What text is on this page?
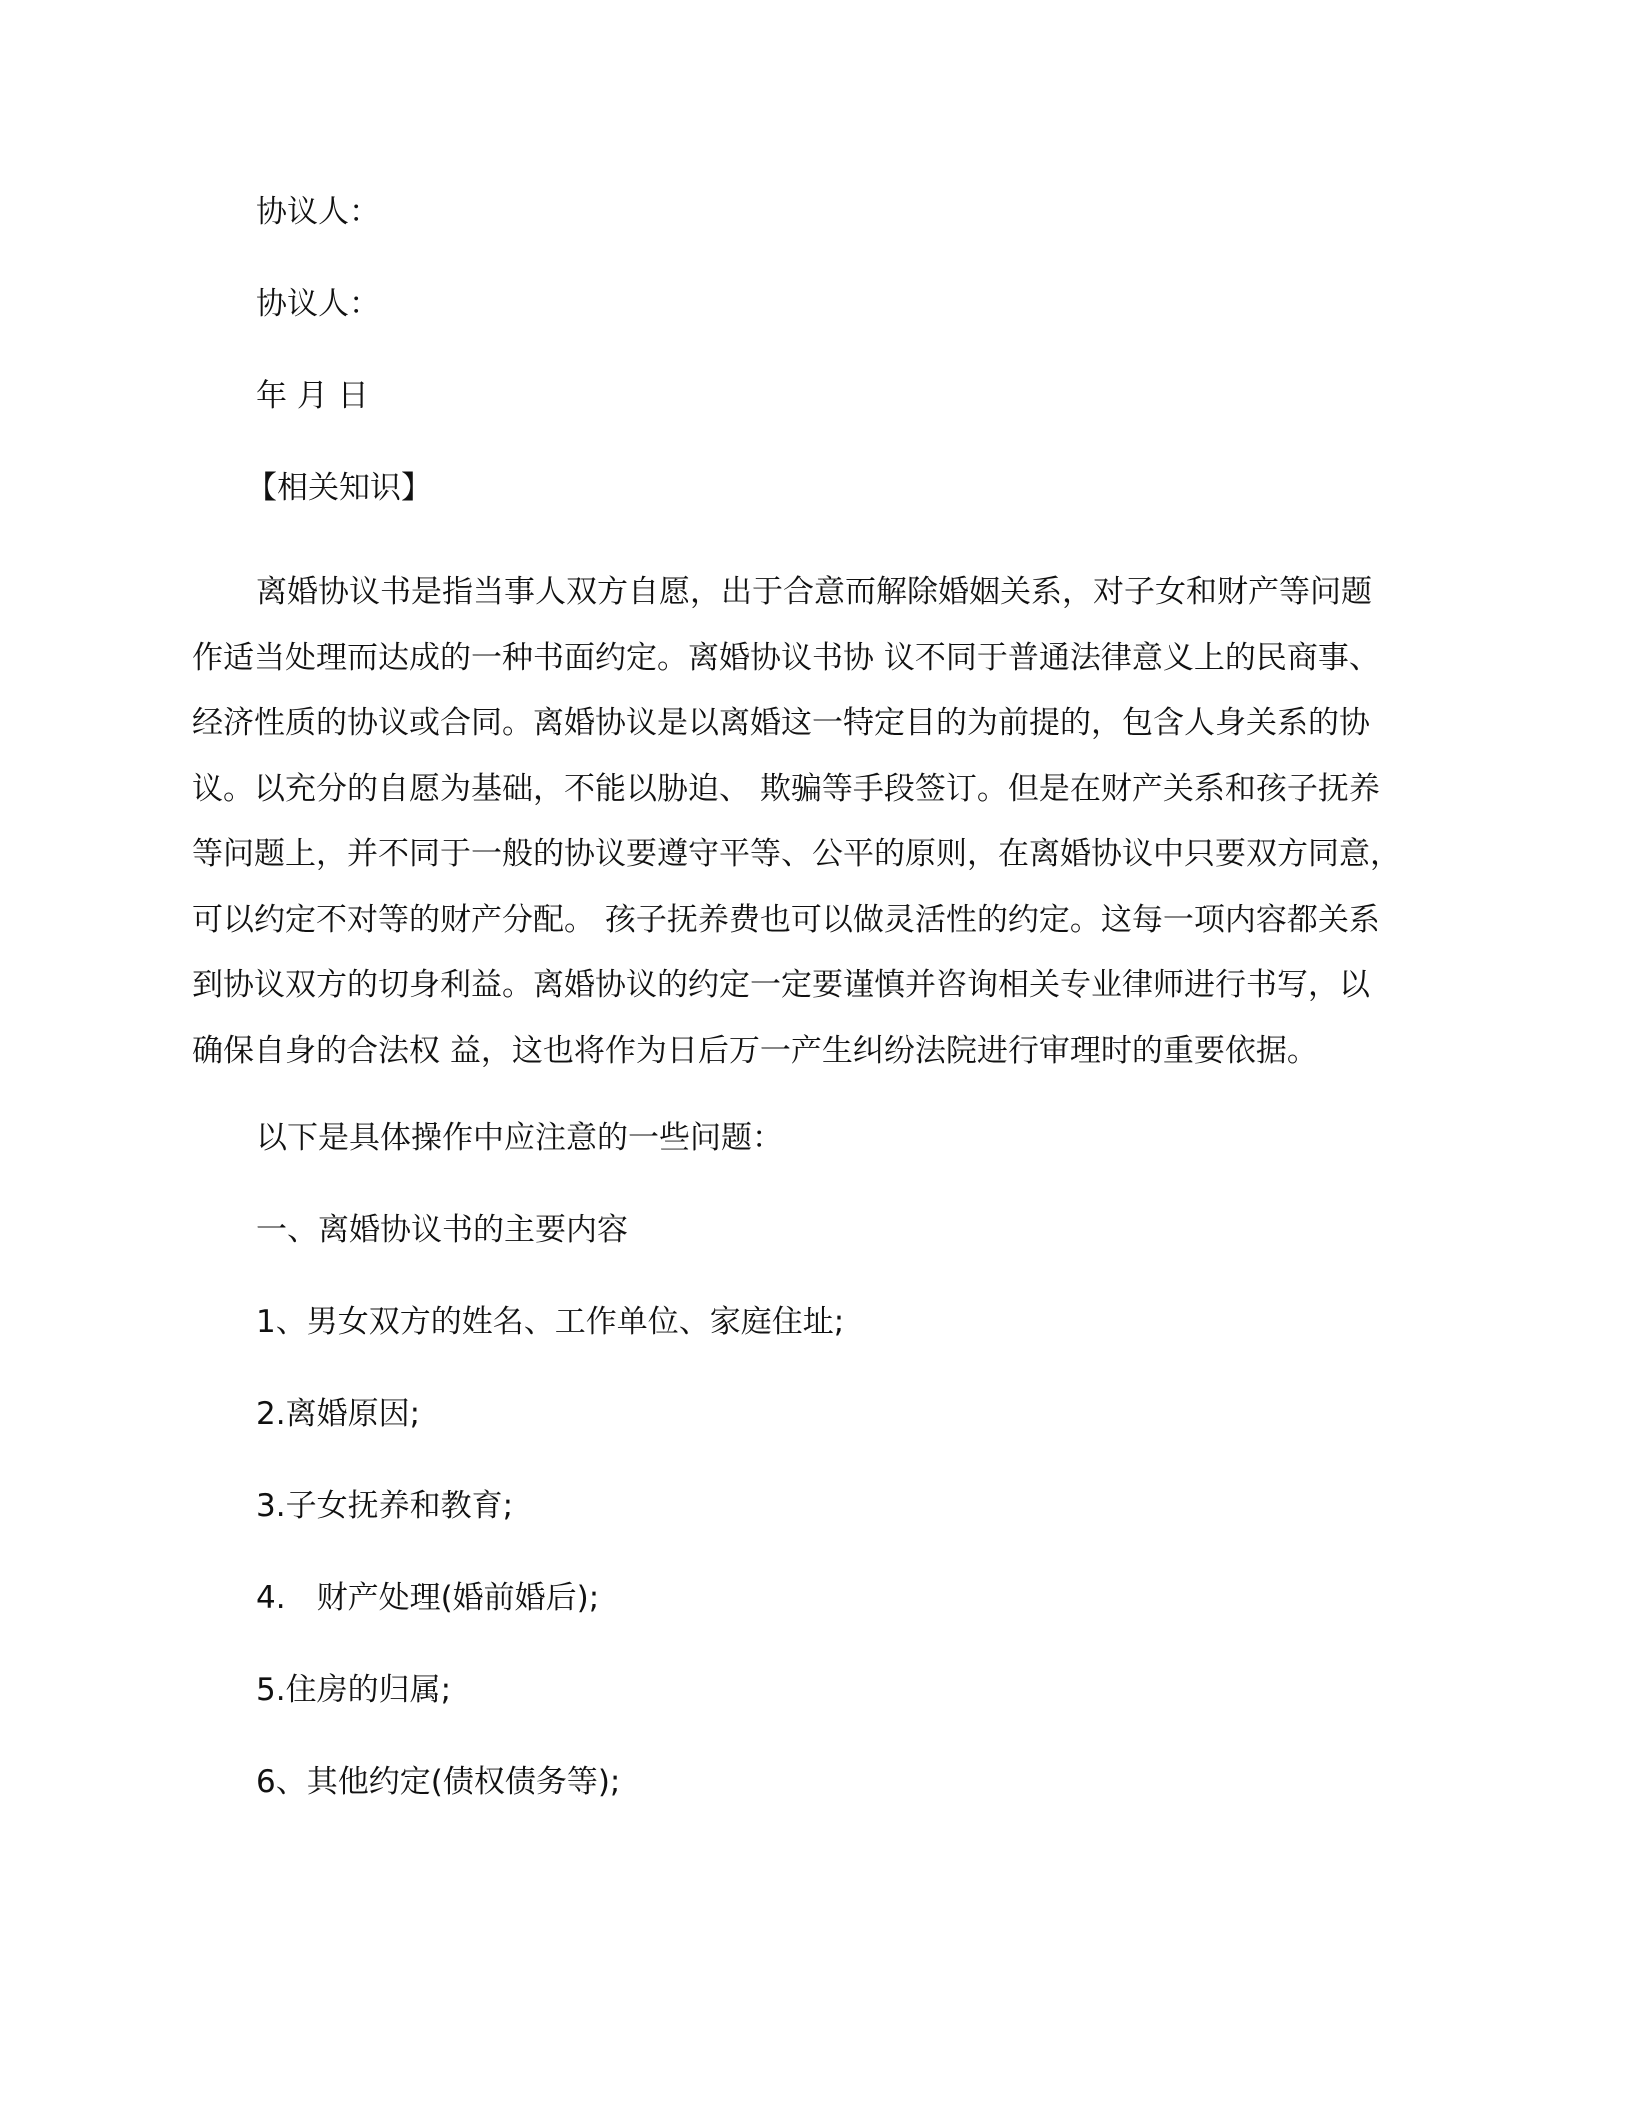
协议人：
协议人：
年 月 日
【相关知识】
离婚协议书是指当事人双方自愿，出于合意而解除婚姻关系，对子女和财产等问题
作适当处理而达成的一种书面约定。离婚协议书协 议不同于普通法律意义上的民商事、
经济性质的协议或合同。离婚协议是以离婚这一特定目的为前提的，包含人身关系的协
议。以充分的自愿为基础，不能以胁迫、 欺骗等手段签订。但是在财产关系和孩子抚养
等问题上，并不同于一般的协议要遵守平等、公平的原则，在离婚协议中只要双方同意，
可以约定不对等的财产分配。 孩子抚养费也可以做灵活性的约定。这每一项内容都关系
到协议双方的切身利益。离婚协议的约定一定要谨慎并咨询相关专业律师进行书写，以
确保自身的合法权 益，这也将作为日后万一产生纠纷法院进行审理时的重要依据。
以下是具体操作中应注意的一些问题：
一、离婚协议书的主要内容
1、男女双方的姓名、工作单位、家庭住址;
2.离婚原因;
3.子女抚养和教育;
4.　财产处理(婚前婚后);
5.住房的归属;
6、其他约定(债权债务等);
